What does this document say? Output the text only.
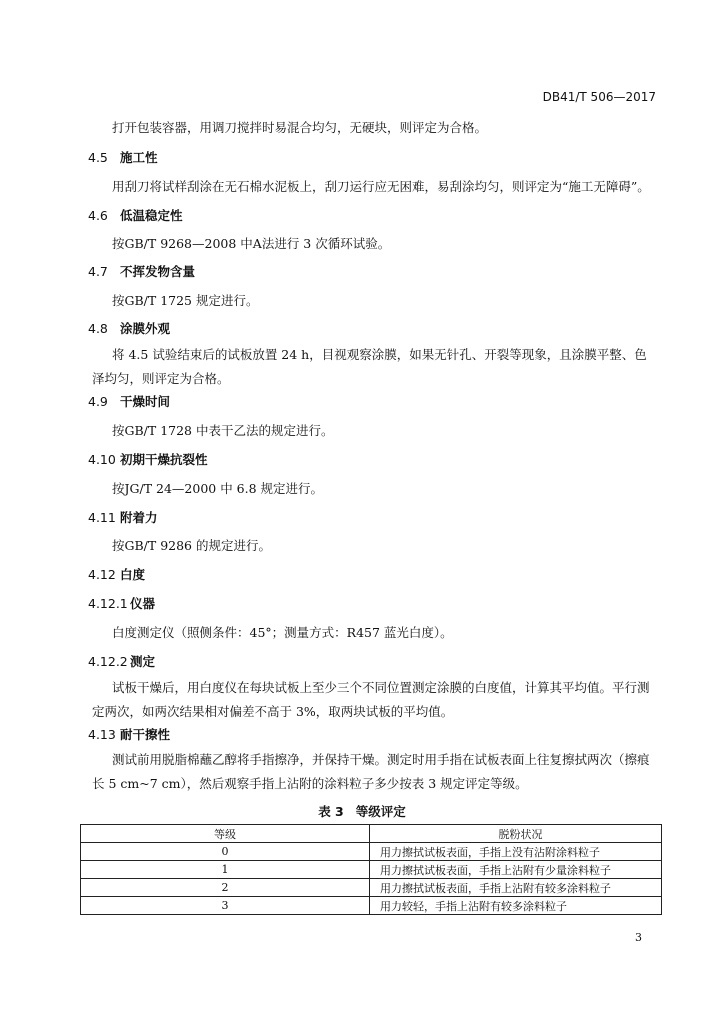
DB41/T 506—2017
打开包装容器，用调刀搅拌时易混合均匀，无硬块，则评定为合格。
4.5 施工性
用刮刀将试样刮涂在无石棉水泥板上，刮刀运行应无困难，易刮涂均匀，则评定为“施工无障碍”。
4.6 低温稳定性
按GB/T 9268—2008 中A法进行 3 次循环试验。
4.7 不挥发物含量
按GB/T 1725 规定进行。
4.8 涂膜外观
将 4.5 试验结束后的试板放置 24 h，目视观察涂膜，如果无针孔、开裂等现象，且涂膜平整、色泽均匀，则评定为合格。
4.9 干燥时间
按GB/T 1728 中表干乙法的规定进行。
4.10 初期干燥抗裂性
按JG/T 24—2000 中 6.8 规定进行。
4.11 附着力
按GB/T 9286 的规定进行。
4.12 白度
4.12.1 仪器
白度测定仪（照侧条件：45°；测量方式：R457 蓝光白度）。
4.12.2 测定
试板干燥后，用白度仪在每块试板上至少三个不同位置测定涂膜的白度值，计算其平均值。平行测定两次，如两次结果相对偏差不高于 3%，取两块试板的平均值。
4.13 耐干擦性
测试前用脱脂棉蘸乙醇将手指擦净，并保持干燥。测定时用手指在试板表面上往复擦拭两次（擦痕长 5 cm~7 cm），然后观察手指上沾附的涂料粒子多少按表 3 规定评定等级。
表 3 等级评定
等级	脱粉状况
0	用力擦拭试板表面，手指上没有沾附涂料粒子
1	用力擦拭试板表面，手指上沾附有少量涂料粒子
2	用力擦拭试板表面，手指上沾附有较多涂料粒子
3	用力较轻，手指上沾附有较多涂料粒子
3
